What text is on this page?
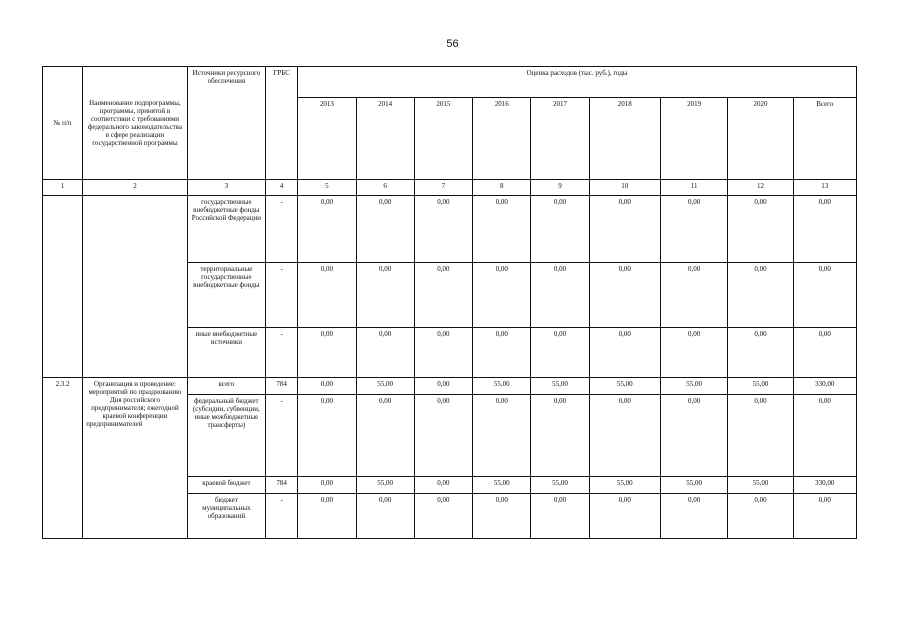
56
№ п/п	Наименование подпрограммы, программы, принятой в соответствии с требованиями федерального законодательства в сфере реализации государственной программы	Источники ресурсного обеспечения	ГРБС	Оценка расходов (тыс. руб.), годы								
				2013	2014	2015	2016	2017	2018	2019	2020	Всего
1	2	3	4	5	6	7	8	9	10	11	12	13
		государственные внебюджетные фонды Российской Федерации	-	0,00	0,00	0,00	0,00	0,00	0,00	0,00	0,00	0,00
		территориальные государственные внебюджетные фонды	-	0,00	0,00	0,00	0,00	0,00	0,00	0,00	0,00	0,00
		иные внебюджетные источники	-	0,00	0,00	0,00	0,00	0,00	0,00	0,00	0,00	0,00
2.3.2	Организация и проведение: мероприятий по празднованию Дня российского предпринимателя; ежегодной краевой конференции предпринимателей	всего	784	0,00	55,00	0,00	55,00	55,00	55,00	55,00	55,00	330,00
		федеральный бюджет (субсидии, субвенции, иные межбюджетные трансферты)	-	0,00	0,00	0,00	0,00	0,00	0,00	0,00	0,00	0,00
		краевой бюджет	784	0,00	55,00	0,00	55,00	55,00	55,00	55,00	55,00	330,00
		бюджет муниципальных образований	-	0,00	0,00	0,00	0,00	0,00	0,00	0,00	0,00	0,00
